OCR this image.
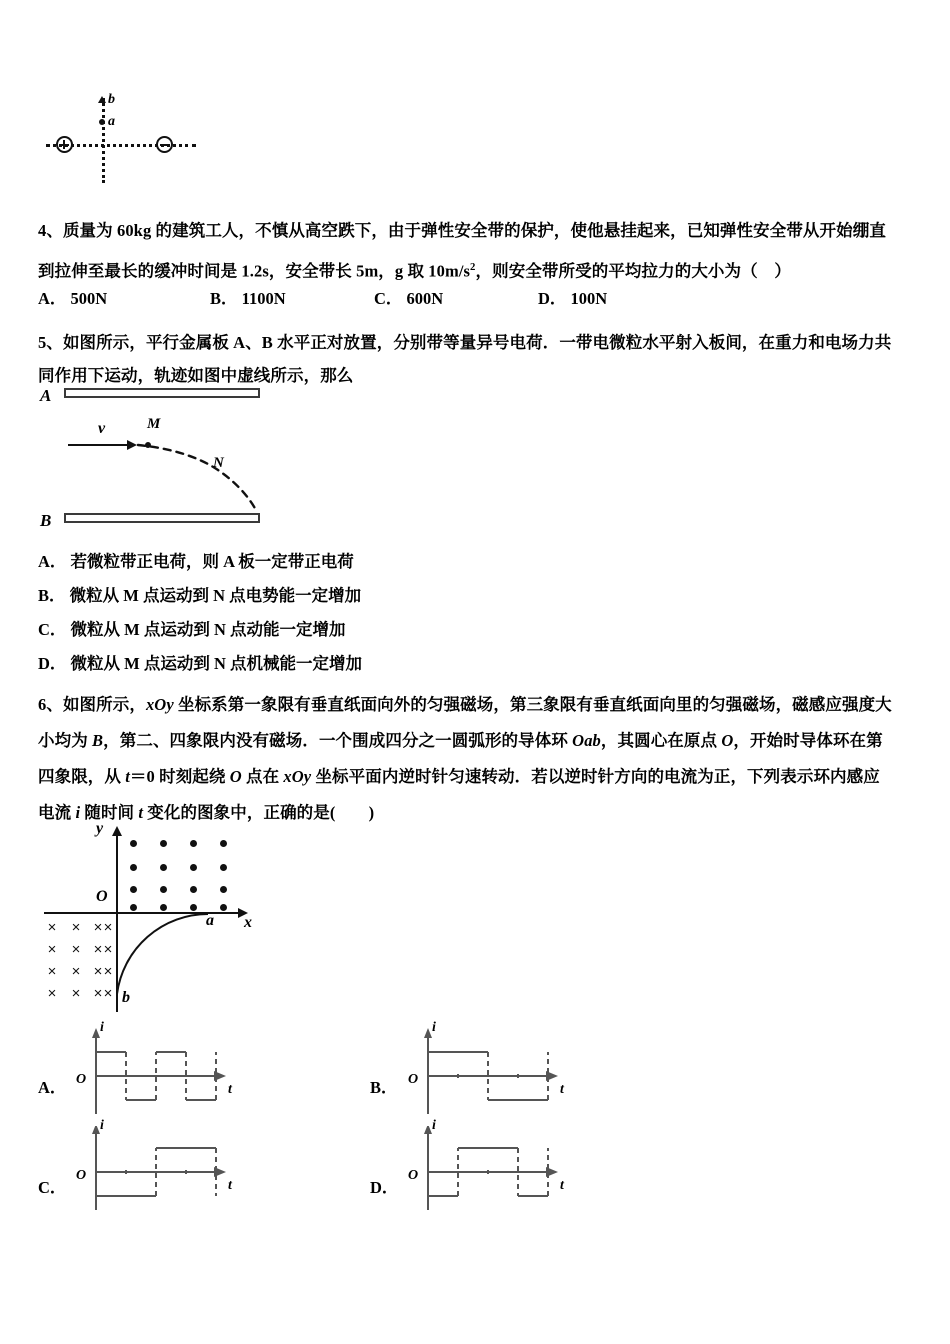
b
a
4、质量为 60kg 的建筑工人，不慎从高空跌下，由于弹性安全带的保护，使他悬挂起来，已知弹性安全带从开始绷直
到拉伸至最长的缓冲时间是 1.2s，安全带长 5m，g 取 $10m/s^2$，则安全带所受的平均拉力的大小为（　）
A． 500N	B． 1100N	C． 600N	D． 100N
5、如图所示，平行金属板 A、B 水平正对放置，分别带等量异号电荷．一带电微粒水平射入板间，在重力和电场力共
同作用下运动，轨迹如图中虚线所示，那么
A
B
v	M
N
A． 若微粒带正电荷，则 A 板一定带正电荷
B． 微粒从 M 点运动到 N 点电势能一定增加
C． 微粒从 M 点运动到 N 点动能一定增加
D． 微粒从 M 点运动到 N 点机械能一定增加
6、如图所示，xOy 坐标系第一象限有垂直纸面向外的匀强磁场，第三象限有垂直纸面向里的匀强磁场，磁感应强度大
小均为 B，第二、四象限内没有磁场．一个围成四分之一圆弧形的导体环 Oab，其圆心在原点 O，开始时导体环在第
四象限，从 t＝0 时刻起绕 O 点在 xOy 坐标平面内逆时针匀速转动．若以逆时针方向的电流为正，下列表示环内感应
电流 i 随时间 t 变化的图象中，正确的是(　　)
y
x
O
× × × ×
× × × ×
× × × ×
× × × ×
a
b
A． O
i
t	B． O
i
t
C．
O
i
t	D．
O
i
t
